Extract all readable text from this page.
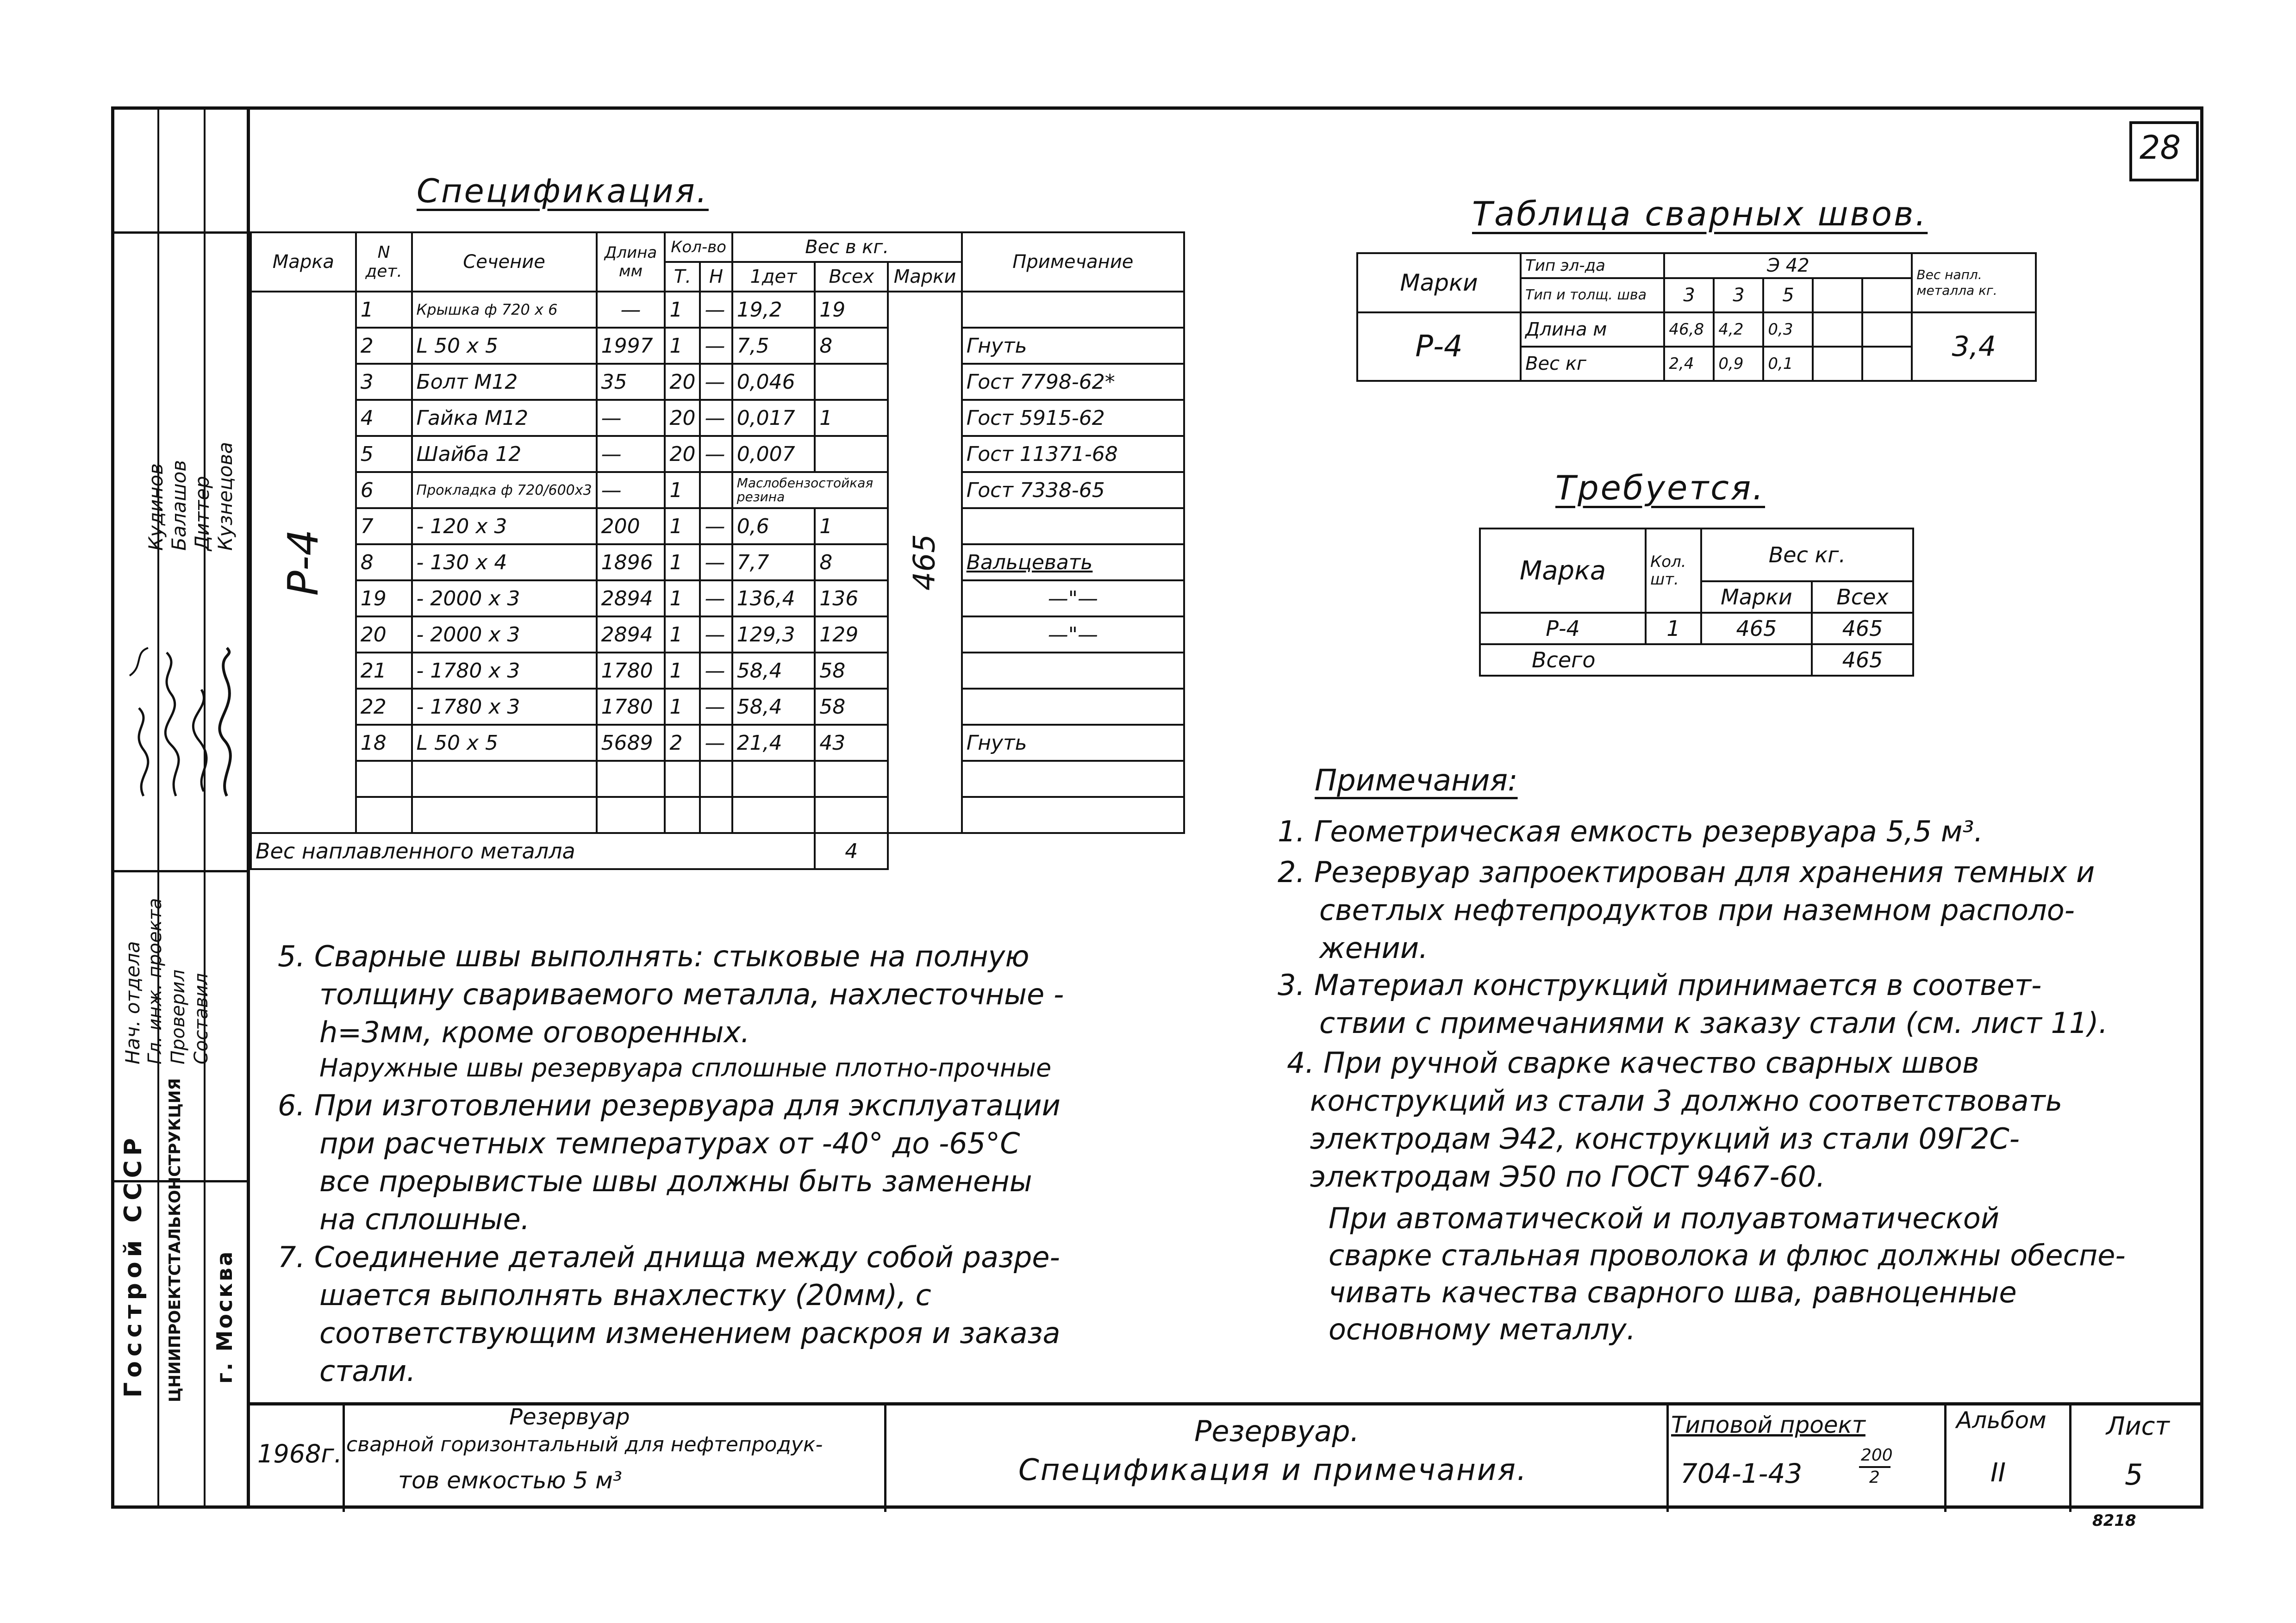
28
Госстрой СССР ЦНИИПРОЕКТСТАЛЬКОНСТРУКЦИЯ г. Москва
Нач. отдела Гл. инж. проекта Проверил Составил
Кудинов Балашов Диттер Кузнецова
Спецификация.
Марка	N дет.	Сечение	Длина мм	Кол-во		Вес в кг.			Примечание
				Т.	Н	1дет	Всех	Марки	

Р-4	1	Крышка ф 720 х 6	—	1	—	19,2	19	465	

	2	L 50 х 5	1997	1	—	7,5	8		Гнуть
	3	Болт М12	35	20	—	0,046			Гост 7798-62*
	4	Гайка М12	—	20	—	0,017	1		Гост 5915-62
	5	Шайба 12	—	20	—	0,007			Гост 11371-68
	6	Прокладка ф 720/600х3	—	1		Маслобензостойкая резина			Гост 7338-65
	7	- 120 х 3	200	1	—	0,6	1		
	8	- 130 х 4	1896	1	—	7,7	8		Вальцевать
	19	- 2000 х 3	2894	1	—	136,4	136		—"—
	20	- 2000 х 3	2894	1	—	129,3	129		—"—
	21	- 1780 х 3	1780	1	—	58,4	58		
	22	- 1780 х 3	1780	1	—	58,4	58		
	18	L 50 х 5	5689	2	—	21,4	43		Гнуть

Вес наплавленного металла							4		
Таблица сварных швов.
Марки	Тип эл-да	Э 42					Вес напл. металла кг.
	Тип и толщ. шва	3	3	5			
Р-4	Длина м	46,8	4,2	0,3			3,4
	Вес кг	2,4	0,9	0,1			
Требуется.
Марка	Кол. шт.	Вес кг.	
		Марки	Всех
Р-4	1	465	465
Всего			465
Примечания:
1. Геометрическая емкость резервуара 5,5 м³.
2. Резервуар запроектирован для хранения темных и
светлых нефтепродуктов при наземном располо-
жении.
3. Материал конструкций принимается в соответ-
ствии с примечаниями к заказу стали (см. лист 11).
4. При ручной сварке качество сварных швов
конструкций из стали 3 должно соответствовать
электродам Э42, конструкций из стали 09Г2С-
электродам Э50 по ГОСТ 9467-60.
При автоматической и полуавтоматической
сварке стальная проволока и флюс должны обеспе-
чивать качества сварного шва, равноценные
основному металлу.
5. Сварные швы выполнять: стыковые на полную
толщину свариваемого металла, нахлесточные -
h=3мм, кроме оговоренных.
Наружные швы резервуара сплошные плотно-прочные
6. При изготовлении резервуара для эксплуатации
при расчетных температурах от -40° до -65°С
все прерывистые швы должны быть заменены
на сплошные.
7. Соединение деталей днища между собой разре-
шается выполнять внахлестку (20мм), с
соответствующим изменением раскроя и заказа
стали.
1968г.
Резервуар
сварной горизонтальный для нефтепродук-
тов емкостью 5 м³
Резервуар.
Спецификация и примечания.
Типовой проект
704-1-43
200
2
Альбом
II
Лист
5
8218
